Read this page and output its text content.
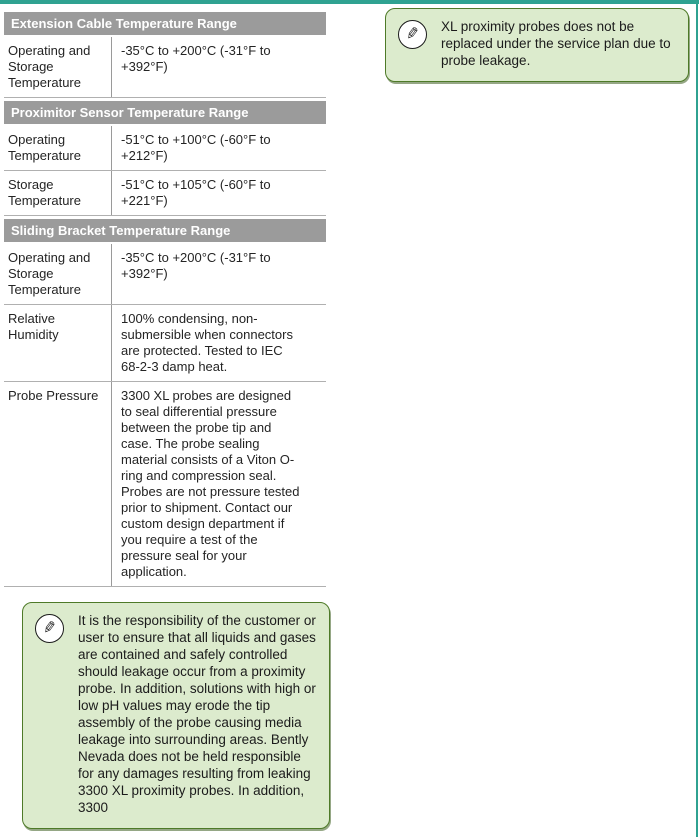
Extension Cable Temperature Range
Operating and Storage Temperature
-35°C to +200°C (-31°F to +392°F)
Proximitor Sensor Temperature Range
Operating Temperature
-51°C to +100°C (-60°F to +212°F)
Storage Temperature
-51°C to +105°C (-60°F to +221°F)
Sliding Bracket Temperature Range
Operating and Storage Temperature
-35°C to +200°C (-31°F to +392°F)
Relative Humidity
100% condensing, non-submersible when connectors are protected. Tested to IEC 68-2-3 damp heat.
Probe Pressure	3300 XL probes are designed to seal differential pressure between the probe tip and case. The probe sealing material consists of a Viton O-ring and compression seal. Probes are not pressure tested prior to shipment. Contact our custom design department if you require a test of the pressure seal for your application.
✎ XL proximity probes does not be replaced under the service plan due to probe leakage.
✎ It is the responsibility of the customer or user to ensure that all liquids and gases are contained and safely controlled should leakage occur from a proximity probe. In addition, solutions with high or low pH values may erode the tip assembly of the probe causing media leakage into surrounding areas. Bently Nevada does not be held responsible for any damages resulting from leaking 3300 XL proximity probes. In addition, 3300
